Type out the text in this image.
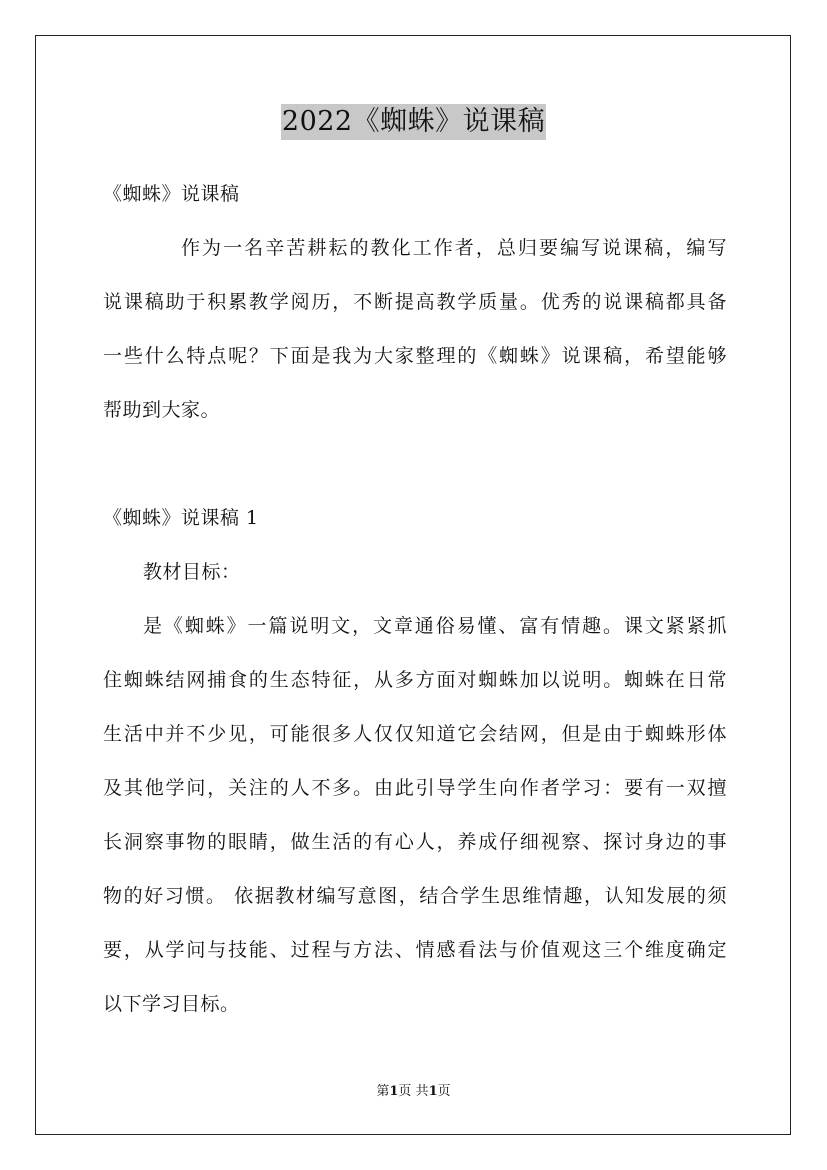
2022《蜘蛛》说课稿
《蜘蛛》说课稿
作为一名辛苦耕耘的教化工作者，总归要编写说课稿，编写
说课稿助于积累教学阅历，不断提高教学质量。优秀的说课稿都具备
一些什么特点呢？下面是我为大家整理的《蜘蛛》说课稿，希望能够
帮助到大家。
《蜘蛛》说课稿 1
教材目标：
是《蜘蛛》一篇说明文，文章通俗易懂、富有情趣。课文紧紧抓
住蜘蛛结网捕食的生态特征，从多方面对蜘蛛加以说明。蜘蛛在日常
生活中并不少见，可能很多人仅仅知道它会结网，但是由于蜘蛛形体
及其他学问，关注的人不多。由此引导学生向作者学习：要有一双擅
长洞察事物的眼睛，做生活的有心人，养成仔细视察、探讨身边的事
物的好习惯。 依据教材编写意图，结合学生思维情趣，认知发展的须
要，从学问与技能、过程与方法、情感看法与价值观这三个维度确定
以下学习目标。
第1页 共1页
